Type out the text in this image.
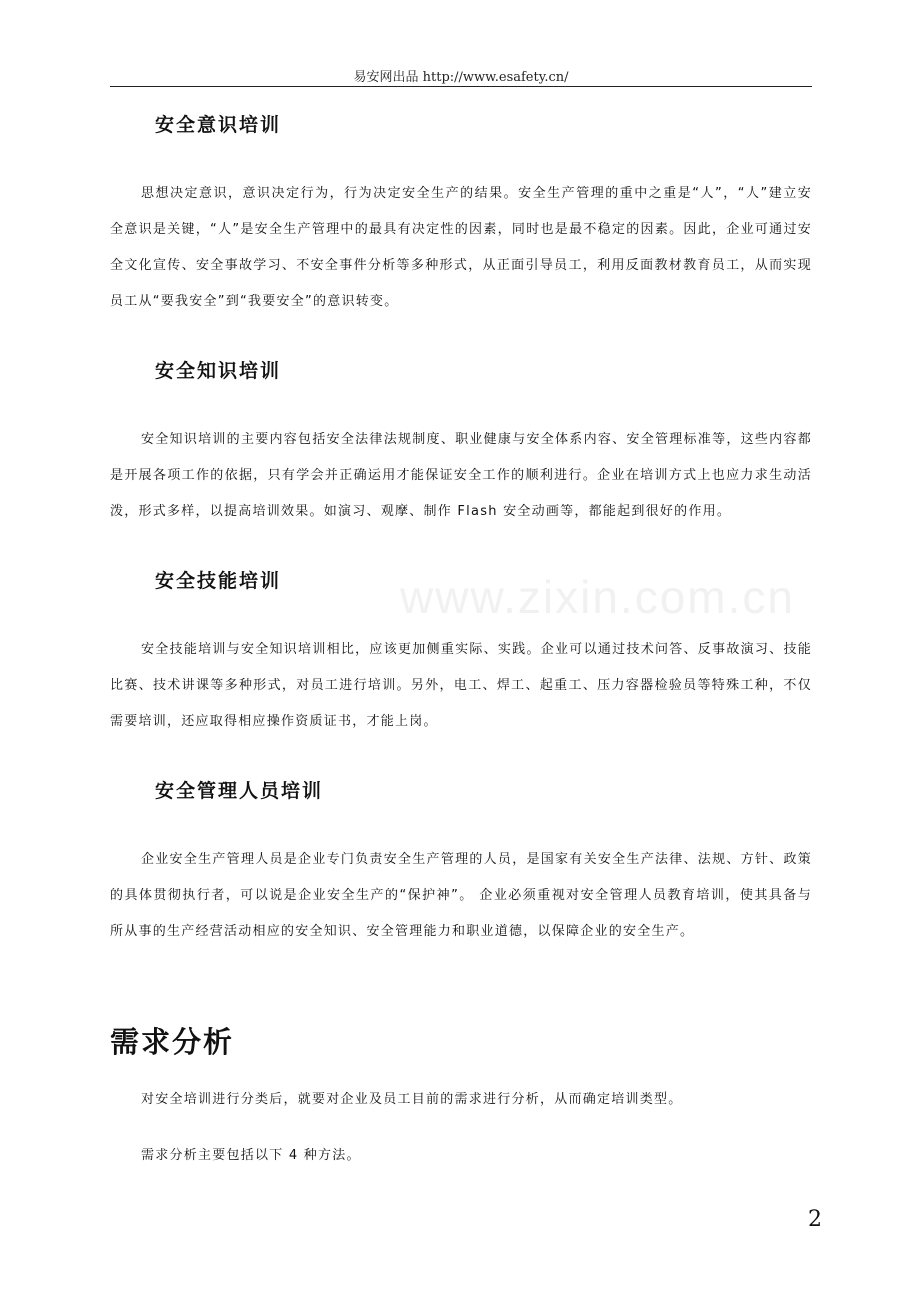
易安网出品 http://www.esafety.cn/
www.zixin.com.cn
安全意识培训

思想决定意识，意识决定行为，行为决定安全生产的结果。安全生产管理的重中之重是“人”，“人”建立安全意识是关键，“人”是安全生产管理中的最具有决定性的因素，同时也是最不稳定的因素。因此，企业可通过安全文化宣传、安全事故学习、不安全事件分析等多种形式，从正面引导员工，利用反面教材教育员工，从而实现员工从“要我安全”到“我要安全”的意识转变。

安全知识培训

安全知识培训的主要内容包括安全法律法规制度、职业健康与安全体系内容、安全管理标准等，这些内容都是开展各项工作的依据，只有学会并正确运用才能保证安全工作的顺利进行。企业在培训方式上也应力求生动活泼，形式多样，以提高培训效果。如演习、观摩、制作 Flash 安全动画等，都能起到很好的作用。

安全技能培训

安全技能培训与安全知识培训相比，应该更加侧重实际、实践。企业可以通过技术问答、反事故演习、技能比赛、技术讲课等多种形式，对员工进行培训。另外，电工、焊工、起重工、压力容器检验员等特殊工种，不仅需要培训，还应取得相应操作资质证书，才能上岗。

安全管理人员培训

企业安全生产管理人员是企业专门负责安全生产管理的人员，是国家有关安全生产法律、法规、方针、政策的具体贯彻执行者，可以说是企业安全生产的“保护神”。 企业必须重视对安全管理人员教育培训，使其具备与所从事的生产经营活动相应的安全知识、安全管理能力和职业道德，以保障企业的安全生产。

需求分析

对安全培训进行分类后，就要对企业及员工目前的需求进行分析，从而确定培训类型。

需求分析主要包括以下 4 种方法。

2
